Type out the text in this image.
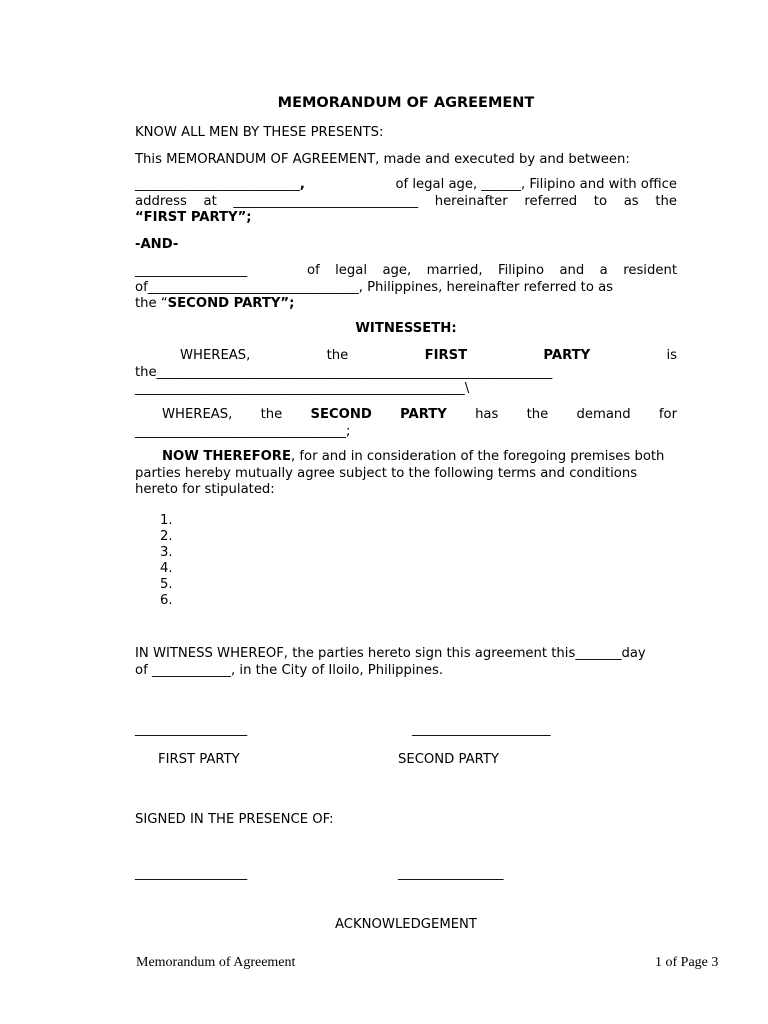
MEMORANDUM OF AGREEMENT
KNOW ALL MEN BY THESE PRESENTS:
This MEMORANDUM OF AGREEMENT, made and executed by and between:
_________________________,	of legal age, ______, Filipino and with office
address at ____________________________ hereinafter referred to as the
“FIRST PARTY”;
-AND-
_________________	of legal age, married, Filipino and a resident
of________________________________, Philippines, hereinafter referred to as
the “SECOND PARTY”;
WITNESSETH:
WHEREAS,	the	FIRST	PARTY	is
the____________________________________________________________
__________________________________________________\
WHEREAS, the SECOND PARTY has the demand for
________________________________;
NOW THEREFORE, for and in consideration of the foregoing premises both
parties hereby mutually agree subject to the following terms and conditions
hereto for stipulated:
1.
2.
3.
4.
5.
6.
IN WITNESS WHEREOF, the parties hereto sign this agreement this_______day
of ____________, in the City of Iloilo, Philippines.
_________________	_____________________
FIRST PARTY	SECOND PARTY
SIGNED IN THE PRESENCE OF:
_________________	________________
ACKNOWLEDGEMENT
Memorandum of Agreement	1 of Page 3
